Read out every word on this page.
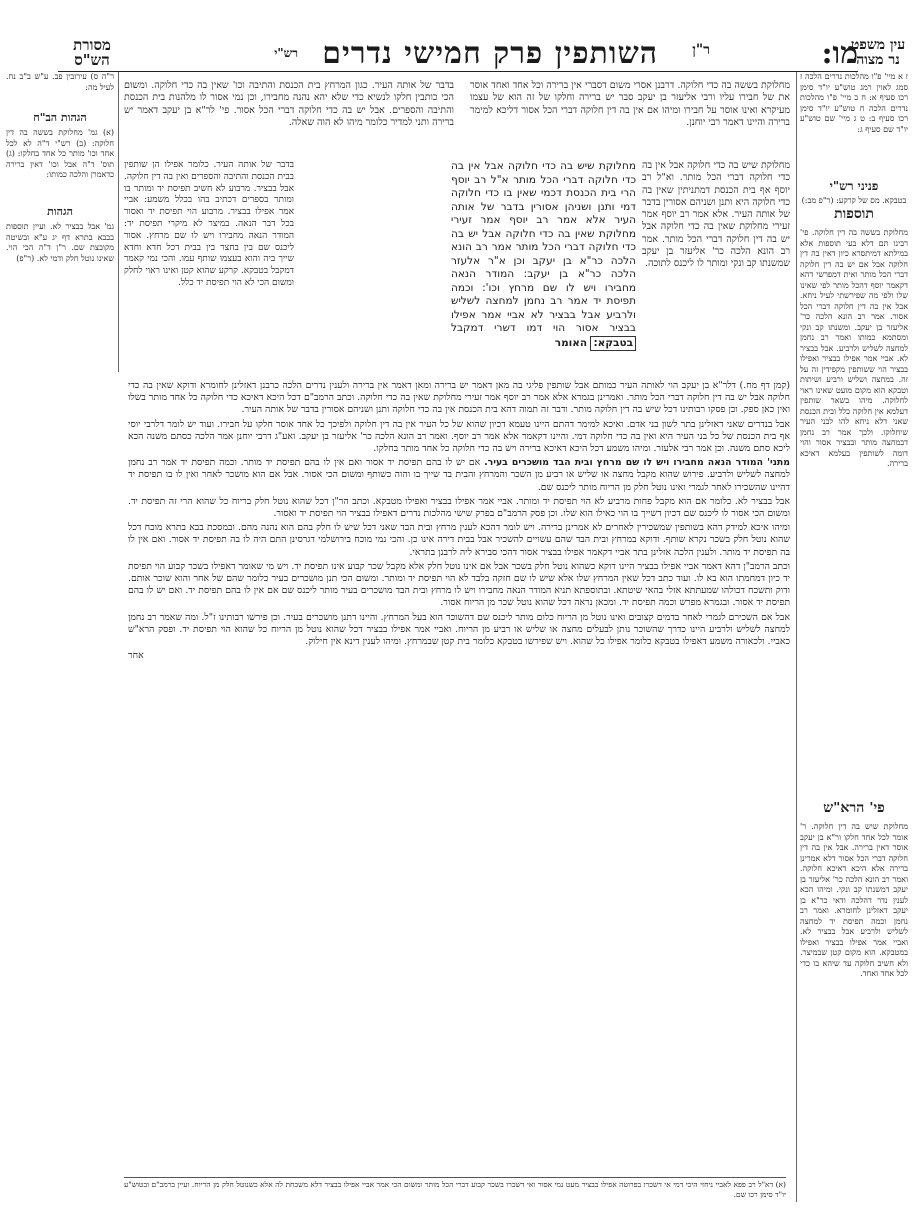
עין משפט נר מצוה
מו:
ר"ן
השותפין פרק חמישי נדרים
רש"י
מסורת הש"ס
ז א מיי' פ"ו מהלכות נדרים הלכה ז סמג לאוין רמג טוש"ע יו"ד סימן רכו סעיף א: ח ב מיי' פ"ו מהלכות נדרים הלכה ח טוש"ע יו"ד סימן רכו סעיף ב: ט ג מיי' שם טוש"ע יו"ד שם סעיף ג:
פניני רש"י
בטבקא. מס של קרקע: (ר"פ מב:)
תוספות
מחלוקת בששה בה דין חלוקה. פי' רבינו תם דלא בעי תוספות אלא במילתא דמיתסרא כיון דאין בה דין חלוקה אבל אם יש בה דין חלוקה דברי הכל מותר ואית דמפרשי דהא דקאמר יוסף דהכל מותר לפי שאינו שלו ולפי מה שפירשתי לעיל ניחא. אבל אין בה דין חלוקה דברי הכל אסור. אמר רב הונא הלכה כר' אליעזר בן יעקב. ומשנתו קב ונקי ומסתמא כמותו ואמר רב נחמן למחצה לשליש ולרביע. אבל בבציר לא. אביי אמר אפילו בבציר ואפילו בבציר הוי ששותפין מקפידין זה על זה. במחצה ושליש ורביע ושיתות וטבקא הוא מקום מועט שאינו ראוי לחלוקה. מיהו בשאר שותפין דעלמא אין חלוקה כלל ובית הכנסת שאני דלא ניחא להו לבני העיר שיחלוקו. ולכך אמר רב נחמן דבמחצה מותר ובבציר אסור והוי דומה לשותפין בעלמא דאיכא ברירה.
פי' הרא"ש
מחלוקת שיש בה דין חלוקה. ר' אומר לכל אחד חלקו ור"א בן יעקב אוסר דאין ברירה. אבל אין בה דין חלוקה דברי הכל אסור דלא אמרינן ברירה אלא היכא דאיכא חלוקה. ואמר רב הונא הלכה כר' אליעזר בן יעקב דמשנתו קב ונקי. ומיהו הכא לענין נדר דהלכה ודאי כר"א בן יעקב דאזלינן לחומרא. ואמר רב נחמן וכמה תפיסת יד למחצה לשליש ולרביע אבל בבציר לא. ואביי אמר אפילו בבציר ואפילו במטבקא. הוא מקום קטן שבמיצר. ולא חשיב חלוקה עד שיהא בו כדי לכל אחד ואחד.
ר"ה ס) עירובין פב. ע"ש ב"ב נח. לעיל מה:
הגהות הב"ח
(א) גמ' מחלוקת בששה בה דין חלוקה: (ב) רש"י ד"ה לא לכל אחד וכו' מותר כל אחד בחלקו: (ג) תוס' ד"ה אבל וכו' דאין ברירה כדאמרן והלכה כמותו:
הגהות
גמ' אבל בבציר לא. ועיין תוספות בבבא בתרא דף יג ע"א ובשיטה מקובצת שם. ר"ן ד"ה הכי הוי. שאינו נוטל חלק ודמי לא. (ר"פ)
מחלוקת בששה בה כדי חלוקה. דרבנן אסרי משום דסברי אין ברירה וכל אחד ואחד אוסר את של חבירו עליו ורבי אליעזר בן יעקב סבר יש ברירה וחלקו של זה הוא של עצמו מעיקרא ואינו אוסר על חבירו ומיהו אם אין בה דין חלוקה דברי הכל אסור דליכא למימר ברירה והיינו דאמר רבי יוחנן.
בדבר של אותה העיר. כגון המרחץ בית הכנסת והתיבה וכו' שאין בה כדי חלוקה. ומשום הכי כותבין חלקו לנשיא כדי שלא יהא נהנה מחבירו, וכן נמי אסור לו מלהנות בית הכנסת והתיבה והספרים. אבל יש בה כדי חלוקה דברי הכל אסור. פי' לר"א בן יעקב דאמר יש ברירה ותני למדיר כלומר מיהו לא הוה שאלה.
מחלוקת שיש בה כדי חלוקה אבל אין בה כדי חלוקה דברי הכל מותר. וא"ל רב יוסף אף בית הכנסת דמתניתין שאין בה כדי חלוקה היא ותנן ושניהם אסורין בדבר של אותה העיר. אלא אמר רב יוסף אמר זעירי מחלוקת שאין בה כדי חלוקה אבל יש בה דין חלוקה דברי הכל מותר. אמר רב הונא הלכה כר' אליעזר בן יעקב שמשנתו קב ונקי ומותר לו ליכנס לתוכה.
מחלוקת שיש בה כדי חלוקה אבל אין בה כדי חלוקה דברי הכל מותר א"ל רב יוסף הרי בית הכנסת דכמי שאין בו כדי חלוקה דמי ותנן ושניהן אסורין בדבר של אותה העיר אלא אמר רב יוסף אמר זעירי מחלוקת שאין בה כדי חלוקה אבל יש בה כדי חלוקה דברי הכל מותר אמר רב הונא הלכה כר"א בן יעקב וכן א"ר אלעזר הלכה כר"א בן יעקב: המודר הנאה מחבירו ויש לו שם מרחץ וכו': וכמה תפיסת יד אמר רב נחמן למחצה לשליש ולרביע אבל בבציר לא אביי אמר אפילו בבציר אסור הוי דמו דשרי דמקבל בטבקא: האומר
בדבר של אותה העיר. כלומר אפילו הן שותפין בבית הכנסת והתיבה והספרים ואין בה דין חלוקה. אבל בבציר. מרבוע לא חשיב תפיסת יד ומותר בו ומותר בספרים דכתיב בהו בכלל משמע: אביי אמר אפילו בבציר. מרבוע הוי תפיסת יד ואסור בכל דבר הנאה. במיצר לא מיקרי תפיסת יד: המודר הנאה מחבירו ויש לו שם מרחץ. אסור ליכנס שם בין בחצר בין בבית דכל חדא וחדא שייך ביה והוא בעצמו שותף עמו. והכי נמי קאמר דמקבל בטבקא. קרקע שהוא קטן ואינו ראוי לחלק ומשום הכי לא הוי תפיסת יד כלל.

(קמן דף מח.) דלר"א בן יעקב הוי לאותה העיר כמותם אבל שותפין פליגי בה מאן דאמר יש ברירה ומאן דאמר אין ברירה ולענין נדרים הלכה כרבנן דאזלינן לחומרא ודוקא שאין בה כדי חלוקה אבל יש בה דין חלוקה דברי הכל מותר. ואמרינן בגמרא אלא אמר רב יוסף אמר זעירי מחלוקת שאין בה כדי חלוקה. וכתב הרמב"ם דכל היכא דאיכא כדי חלוקה כל אחד מותר בשלו ואין כאן ספק. וכן פסקו רבותינו דכל שיש בה דין חלוקה מותר. ודבר זה תמוה דהא בית הכנסת אין בה כדי חלוקה ותנן ושניהם אסורין בדבר של אותה העיר.

אבל בנדרים שאני דאזלינן בתר לשון בני אדם. ואיכא למימר דהתם היינו טעמא דכיון שהוא של כל העיר אין בה דין חלוקה ולפיכך כל אחד אוסר חלקו על חבירו. ועוד יש לומר דלרבי יוסי אף בית הכנסת של כל בני העיר היא ואין בה כדי חלוקה דמי. והיינו דקאמר אלא אמר רב יוסף. ואמר רב הונא הלכה כר' אליעזר בן יעקב. ואע"ג דרבי יוחנן אמר הלכה כסתם משנה הכא ליכא סתם משנה. וכן אמר רבי אלעזר. ומיהו משמע דכל היכא דאיכא ברירה ויש בה כדי חלוקה כל אחד מותר בחלקו.

מתני' המודר הנאה מחבירו ויש לו שם מרחץ ובית הבד מושכרים בעיר. אם יש לו בהם תפיסת יד אסור ואם אין לו בהם תפיסת יד מותר. וכמה תפיסת יד אמר רב נחמן למחצה לשליש ולרביע. פירוש שהוא מקבל מחצה או שליש או רביע מן השכר והמרחץ והבית בד שייך בו והוה כשותף ומשום הכי אסור. אבל אם הוא מושכר לאחר ואין לו בו תפיסת יד דהיינו שהשכירו לאחר לגמרי ואינו נוטל חלק מן הריוח מותר ליכנס שם.

אבל בבציר לא. כלומר אם הוא מקבל פחות מרביע לא הוי תפיסת יד ומותר. אביי אמר אפילו בבציר ואפילו מטבקא. וכתב הר"ן דכל שהוא נוטל חלק בריוח כל שהוא הרי זה תפיסת יד. ומשום הכי אסור לו ליכנס שם דכיון דשייך בו הוי כאילו הוא שלו. וכן פסק הרמב"ם בפרק שישי מהלכות נדרים דאפילו בבציר הוי תפיסת יד ואסור.

ומיהו איכא למידק דהא בשותפין שמשכירין לאחרים לא אמרינן ברירה. ויש לומר דהכא לענין מרחץ ובית הבד שאני דכל שיש לו חלק בהם הוא נהנה מהם. ובמסכת בבא בתרא מוכח דכל שהוא נוטל חלק בשכר נקרא שותף. ודוקא במרחץ ובית הבד שהם עשויים להשכיר אבל בבית דירה אינו כן. והכי נמי מוכח בירושלמי דגרסינן התם היה לו בה תפיסת יד אסור. ואם אין לו בה תפיסת יד מותר. ולענין הלכה אזלינן בתר אביי דקאמר אפילו בבציר אסור דהכי סבירא ליה לרבנן בתראי.

וכתב הרמב"ן דהא דאמר אביי אפילו בבציר היינו דוקא כשהוא נוטל חלק בשכר אבל אם אינו נוטל חלק אלא מקבל שכר קבוע אינו תפיסת יד. ויש מי שאומר דאפילו בשכר קבוע הוי תפיסת יד כיון דמחמתו הוא בא לו. ועוד כתב דכל שאין המרחץ שלו אלא שיש לו שם חזקה בלבד לא הוי תפיסת יד ומותר. ומשום הכי תנן מושכרים בעיר כלומר שהם של אחר והוא שוכר אותם. ודוק ותשכח דכולהו שמעתתא אזלי בהאי שיטתא. ובתוספתא תניא המודר הנאה מחבירו ויש לו מרחץ ובית הבד מושכרים בעיר מותר ליכנס שם אם אין לו בהם תפיסת יד. ואם יש לו בהם תפיסת יד אסור. ובגמרא מפרש וכמה תפיסת יד. ומכאן נראה דכל שהוא נוטל שכר מן הריוח אסור.

אבל אם השכירם לגמרי לאחר בדמים קצובים ואינו נוטל מן הריוח כלום מותר ליכנס שם דהשוכר הוא בעל המרחץ. והיינו דתנן מושכרים בעיר. וכן פירשו רבותינו ז"ל. ומה שאמר רב נחמן למחצה לשליש ולרביע היינו כדרך שהשוכר נותן לבעלים מחצה או שליש או רביע מן הריוח. ואביי אמר אפילו בבציר דכל שהוא נוטל מן הריוח כל שהוא הוי תפיסת יד. ופסק הרא"ש כאביי. ולכאורה משמע דאפילו בטבקא כלומר אפילו כל שהוא. ויש שפירשו בטבקא כלומר בית קטן שבמרחץ. ומיהו לענין דינא אין חילוק.

אחר

(א) דא"ל רב פפא לאביי ניחזי היכי דמי אי דשכרו בפרוטה אפילו בבציר מעט נמי אסור ואי דשכרו בשכר קבוע דברי הכל מותר ומשום הכי אמר אביי אפילו בבציר דלא משכחת לה אלא כשנוטל חלק מן הריוח. ועיין ברמב"ם ובטוש"ע יו"ד סימן רכו שם.
